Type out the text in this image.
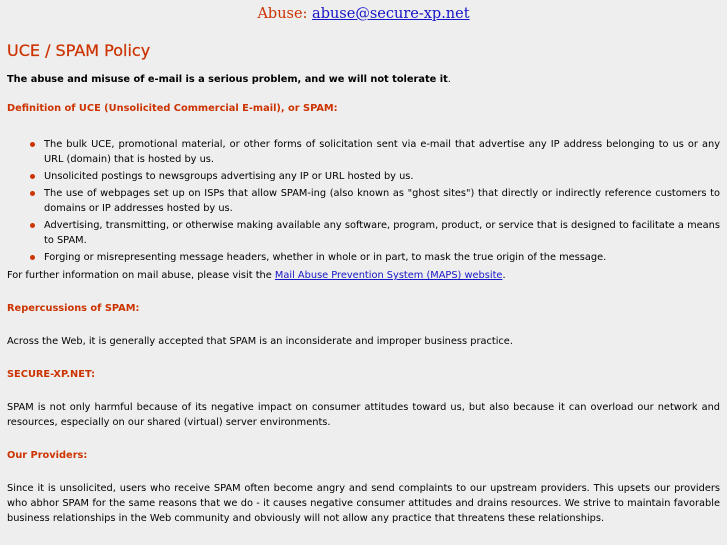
Abuse: abuse@secure-xp.net
UCE / SPAM Policy

The abuse and misuse of e-mail is a serious problem, and we will not tolerate it.

Definition of UCE (Unsolicited Commercial E-mail), or SPAM:

The bulk UCE, promotional material, or other forms of solicitation sent via e-mail that advertise any IP address belonging to us or any URL (domain) that is hosted by us.
Unsolicited postings to newsgroups advertising any IP or URL hosted by us.
The use of webpages set up on ISPs that allow SPAM-ing (also known as "ghost sites") that directly or indirectly reference customers to domains or IP addresses hosted by us.
Advertising, transmitting, or otherwise making available any software, program, product, or service that is designed to facilitate a means to SPAM.
Forging or misrepresenting message headers, whether in whole or in part, to mask the true origin of the message.

For further information on mail abuse, please visit the Mail Abuse Prevention System (MAPS) website.

Repercussions of SPAM:

Across the Web, it is generally accepted that SPAM is an inconsiderate and improper business practice.

SECURE-XP.NET:

SPAM is not only harmful because of its negative impact on consumer attitudes toward us, but also because it can overload our network and resources, especially on our shared (virtual) server environments.

Our Providers:

Since it is unsolicited, users who receive SPAM often become angry and send complaints to our upstream providers. This upsets our providers who abhor SPAM for the same reasons that we do - it causes negative consumer attitudes and drains resources. We strive to maintain favorable business relationships in the Web community and obviously will not allow any practice that threatens these relationships.
